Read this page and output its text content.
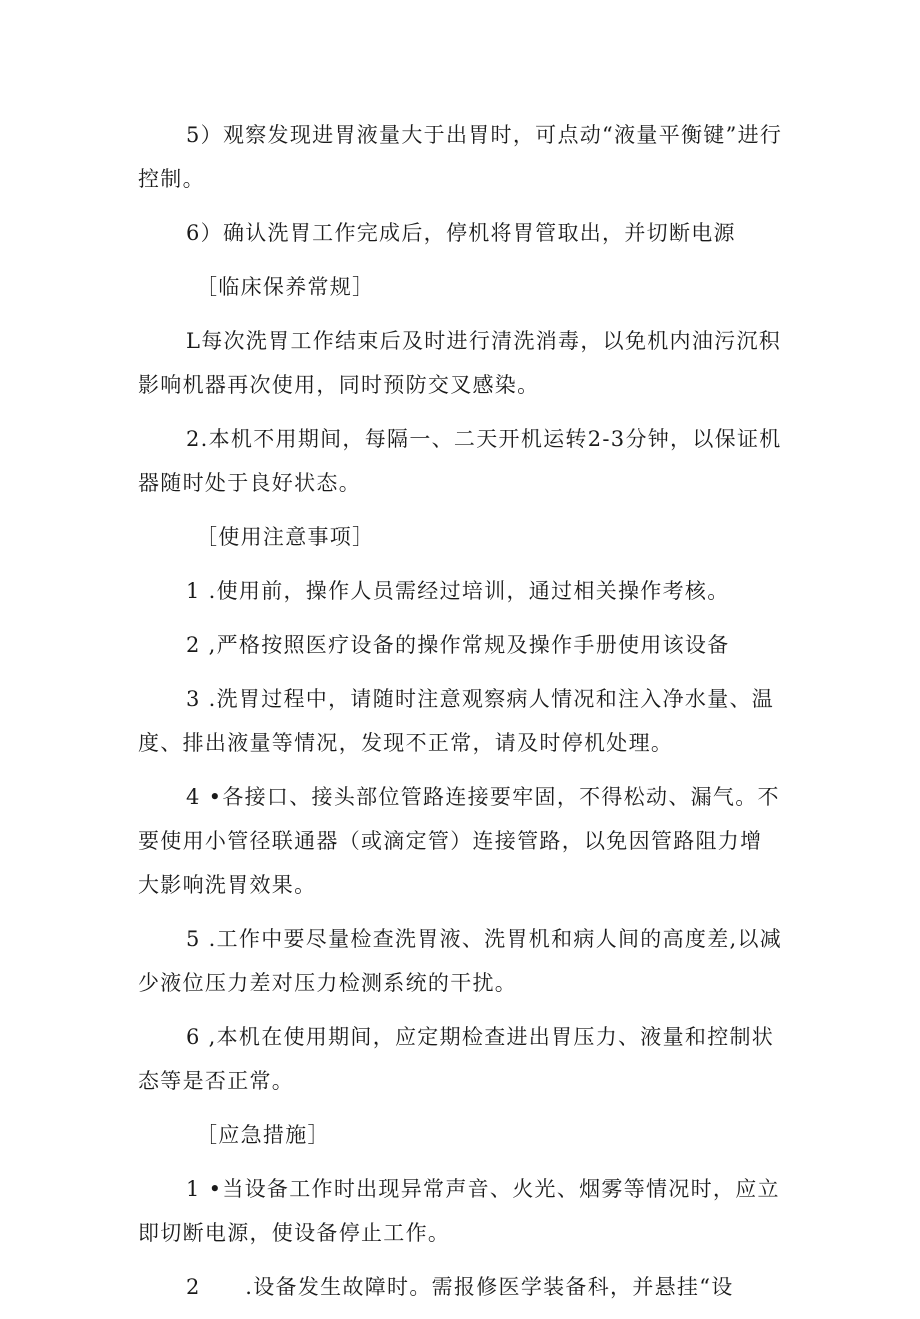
5）观察发现进胃液量大于出胃时，可点动“液量平衡键”进行控制。

6）确认洗胃工作完成后，停机将胃管取出，并切断电源

［临床保养常规］

L每次洗胃工作结束后及时进行清洗消毒，以免机内油污沉积影响机器再次使用，同时预防交叉感染。

2.本机不用期间，每隔一、二天开机运转2-3分钟，以保证机器随时处于良好状态。

［使用注意事项］

1 .使用前，操作人员需经过培训，通过相关操作考核。

2 ,严格按照医疗设备的操作常规及操作手册使用该设备

3 .洗胃过程中，请随时注意观察病人情况和注入净水量、温度、排出液量等情况，发现不正常，请及时停机处理。

4 •各接口、接头部位管路连接要牢固，不得松动、漏气。不要使用小管径联通器（或滴定管）连接管路，以免因管路阻力增大影响洗胃效果。

5 .工作中要尽量检查洗胃液、洗胃机和病人间的高度差,以减少液位压力差对压力检测系统的干扰。

6 ,本机在使用期间，应定期检查进出胃压力、液量和控制状态等是否正常。

［应急措施］

1 •当设备工作时出现异常声音、火光、烟雾等情况时，应立即切断电源，使设备停止工作。

2　　.设备发生故障时。需报修医学装备科，并悬挂“设
